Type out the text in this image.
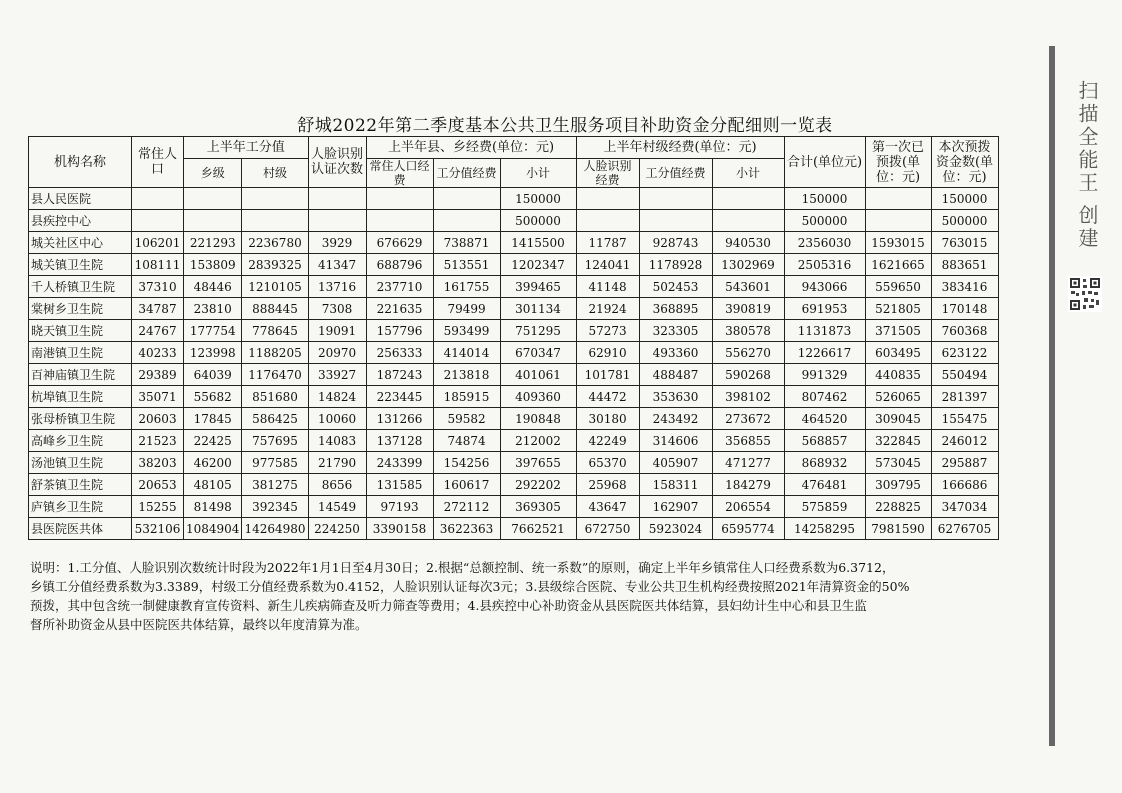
舒城2022年第二季度基本公共卫生服务项目补助资金分配细则一览表
机构名称	常住人口	上半年工分值		人脸识别认证次数	上半年县、乡经费(单位：元)			上半年村级经费(单位：元)			合计(单位元)	第一次已预拨(单位：元)	本次预拨资金数(单位：元)
		乡级	村级		常住人口经费	工分值经费	小计	人脸识别经费	工分值经费	小计			
县人民医院							150000				150000		150000
县疾控中心							500000				500000		500000
城关社区中心	106201	221293	2236780	3929	676629	738871	1415500	11787	928743	940530	2356030	1593015	763015
城关镇卫生院	108111	153809	2839325	41347	688796	513551	1202347	124041	1178928	1302969	2505316	1621665	883651
千人桥镇卫生院	37310	48446	1210105	13716	237710	161755	399465	41148	502453	543601	943066	559650	383416
棠树乡卫生院	34787	23810	888445	7308	221635	79499	301134	21924	368895	390819	691953	521805	170148
晓天镇卫生院	24767	177754	778645	19091	157796	593499	751295	57273	323305	380578	1131873	371505	760368
南港镇卫生院	40233	123998	1188205	20970	256333	414014	670347	62910	493360	556270	1226617	603495	623122
百神庙镇卫生院	29389	64039	1176470	33927	187243	213818	401061	101781	488487	590268	991329	440835	550494
杭埠镇卫生院	35071	55682	851680	14824	223445	185915	409360	44472	353630	398102	807462	526065	281397
张母桥镇卫生院	20603	17845	586425	10060	131266	59582	190848	30180	243492	273672	464520	309045	155475
高峰乡卫生院	21523	22425	757695	14083	137128	74874	212002	42249	314606	356855	568857	322845	246012
汤池镇卫生院	38203	46200	977585	21790	243399	154256	397655	65370	405907	471277	868932	573045	295887
舒茶镇卫生院	20653	48105	381275	8656	131585	160617	292202	25968	158311	184279	476481	309795	166686
庐镇乡卫生院	15255	81498	392345	14549	97193	272112	369305	43647	162907	206554	575859	228825	347034
县医院医共体	532106	1084904	14264980	224250	3390158	3622363	7662521	672750	5923024	6595774	14258295	7981590	6276705
说明：1.工分值、人脸识别次数统计时段为2022年1月1日至4月30日；2.根据“总额控制、统一系数”的原则，确定上半年乡镇常住人口经费系数为6.3712，
乡镇工分值经费系数为3.3389，村级工分值经费系数为0.4152，人脸识别认证每次3元；3.县级综合医院、专业公共卫生机构经费按照2021年清算资金的50%
预拨，其中包含统一制健康教育宣传资料、新生儿疾病筛查及听力筛查等费用；4.县疾控中心补助资金从县医院医共体结算，县妇幼计生中心和县卫生监
督所补助资金从县中医院医共体结算，最终以年度清算为准。
扫描全能王 创建
